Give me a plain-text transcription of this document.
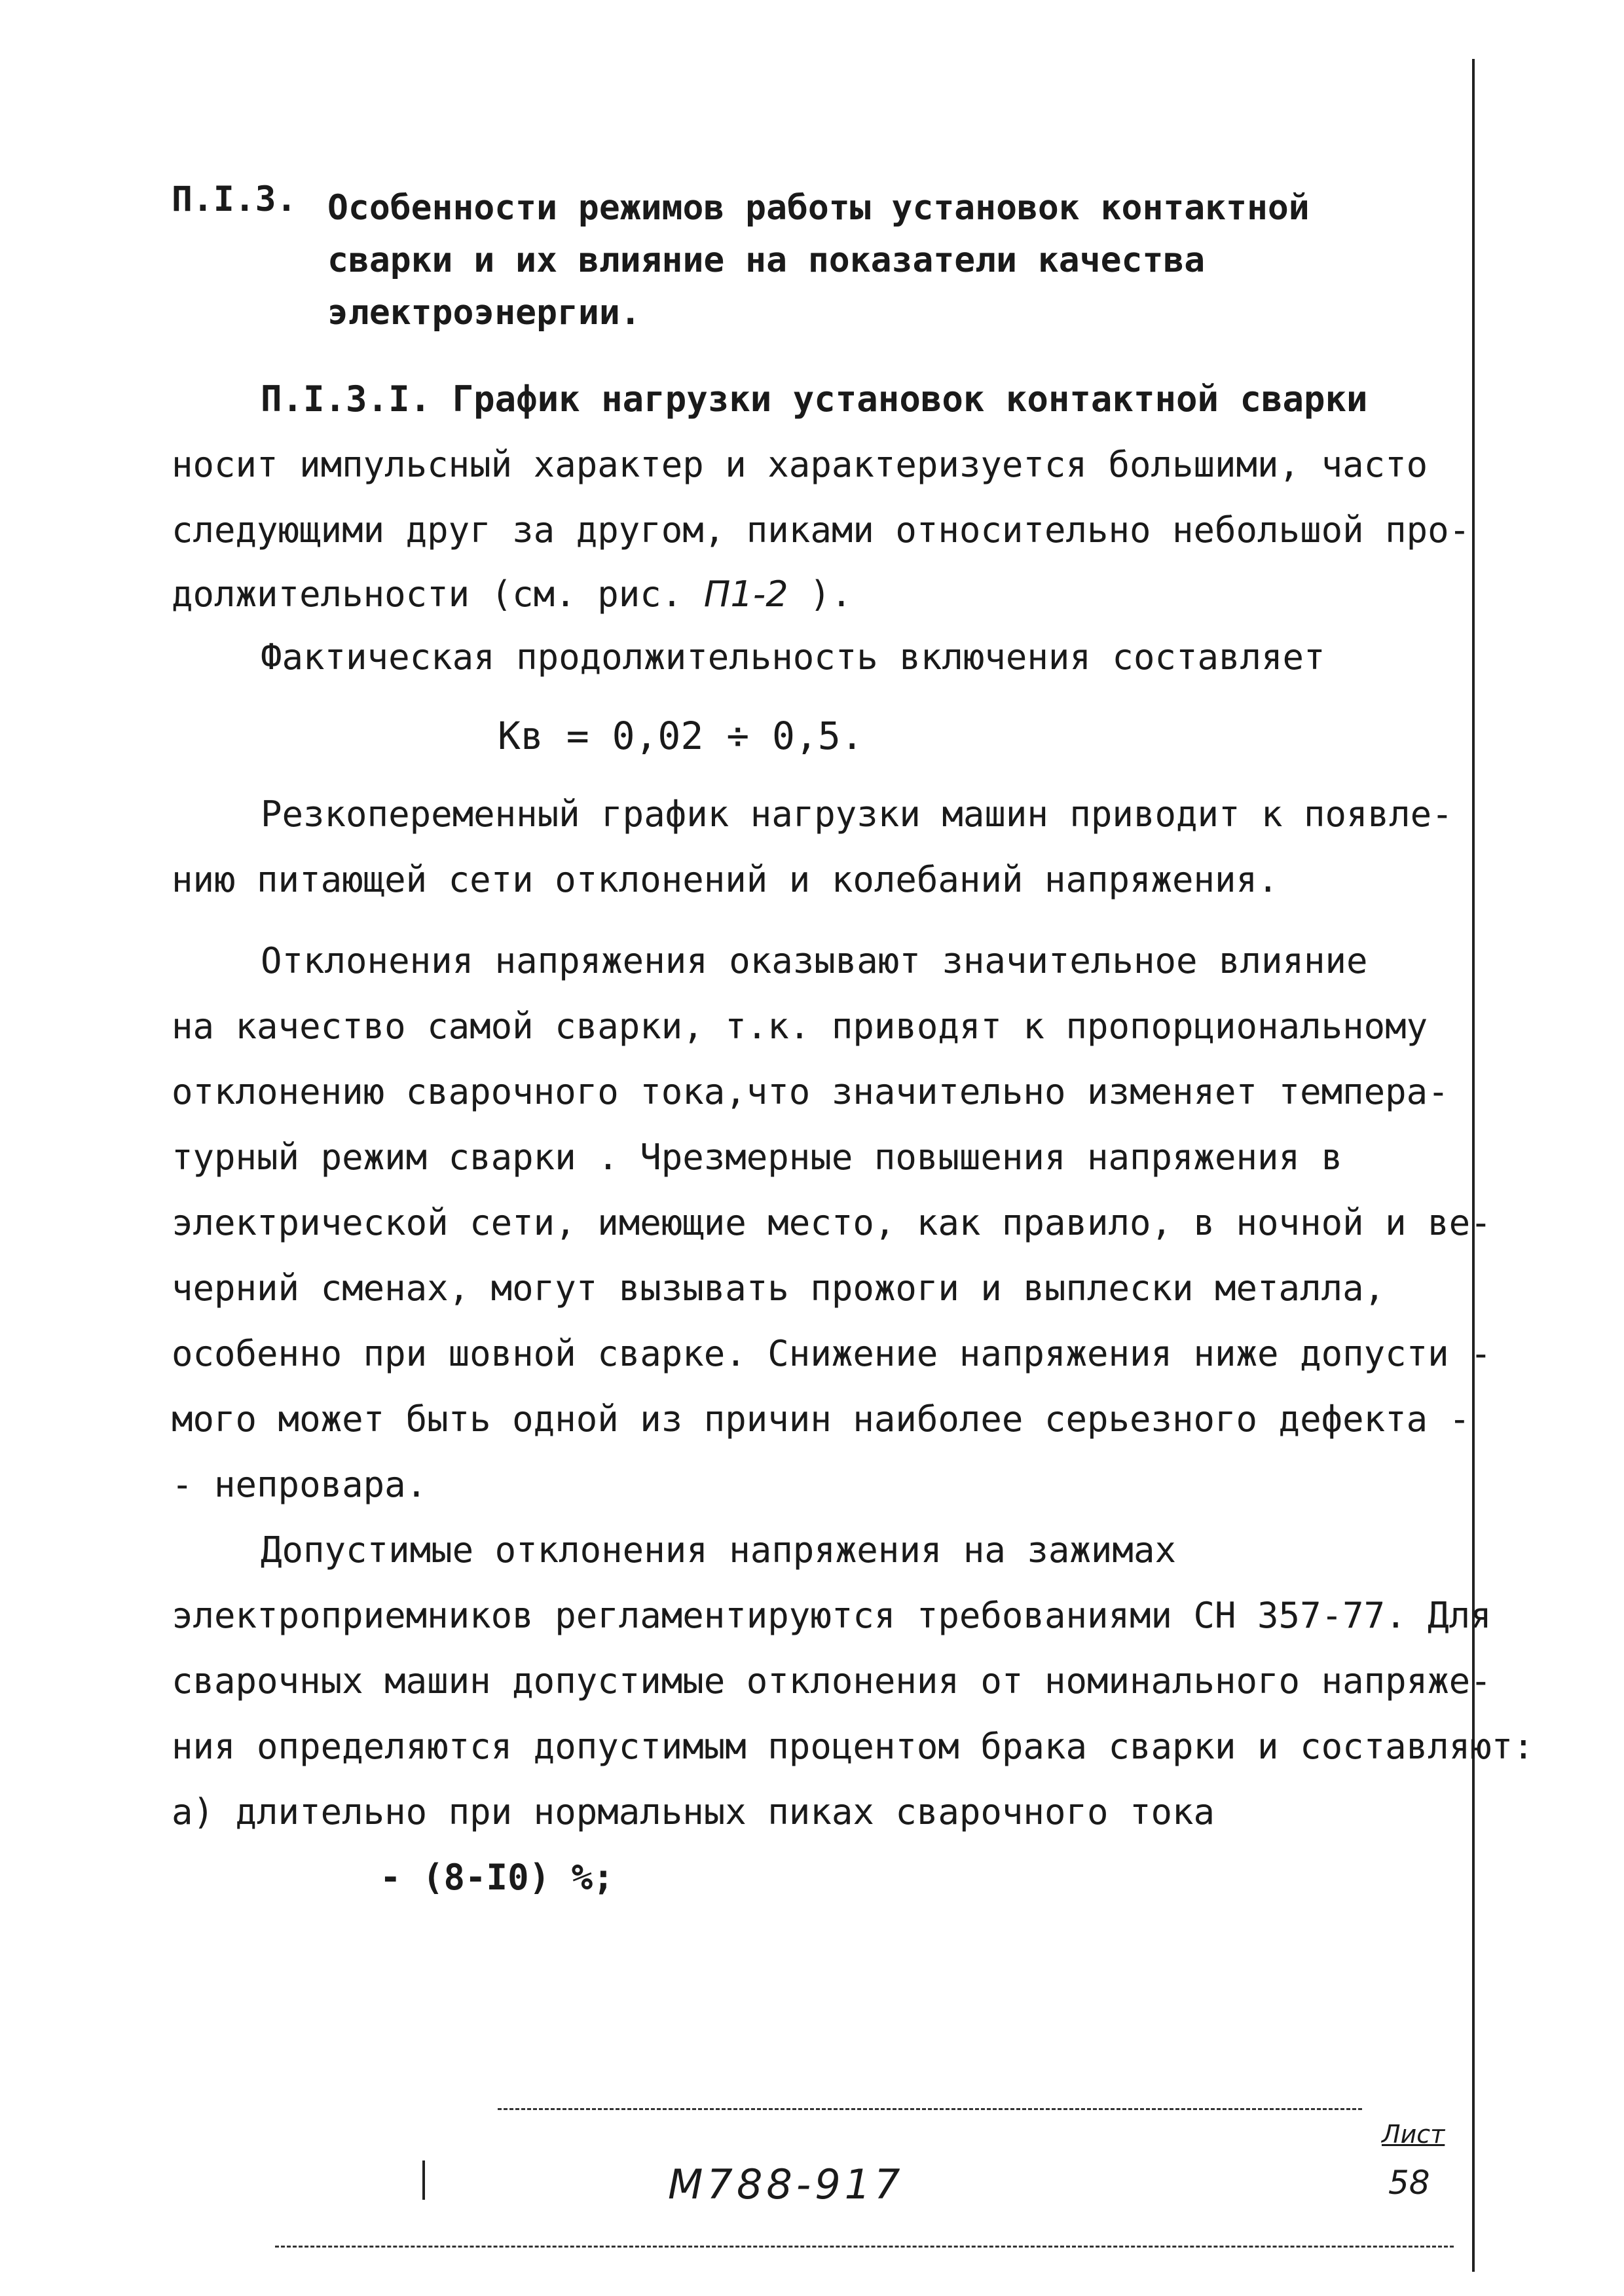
П.I.3. Особенности режимов работы установок контактной
сварки и их влияние на показатели качества
электроэнергии.
П.I.3.I. График нагрузки установок контактной сварки
носит импульсный характер и характеризуется большими, часто
следующими друг за другом, пиками относительно небольшой про-
должительности (см. рис. П1-2 ).
Фактическая продолжительность включения составляет
Кв = 0,02 ÷ 0,5.
Резкопеременный график нагрузки машин приводит к появле-
нию питающей сети отклонений и колебаний напряжения.
Отклонения напряжения оказывают значительное влияние
на качество самой сварки, т.к. приводят к пропорциональному
отклонению сварочного тока,что значительно изменяет темпера-
турный режим сварки . Чрезмерные повышения напряжения в
электрической сети, имеющие место, как правило, в ночной и ве-
черний сменах, могут вызывать прожоги и выплески металла,
особенно при шовной сварке. Снижение напряжения ниже допусти -
мого может быть одной из причин наиболее серьезного дефекта -
- непровара.
Допустимые отклонения напряжения на зажимах
электроприемников регламентируются требованиями СН 357-77. Для
сварочных машин допустимые отклонения от номинального напряже-
ния определяются допустимым процентом брака сварки и составляют:
а) длительно при нормальных пиках сварочного тока
- (8-I0) %;
М788-917
Лист
58
